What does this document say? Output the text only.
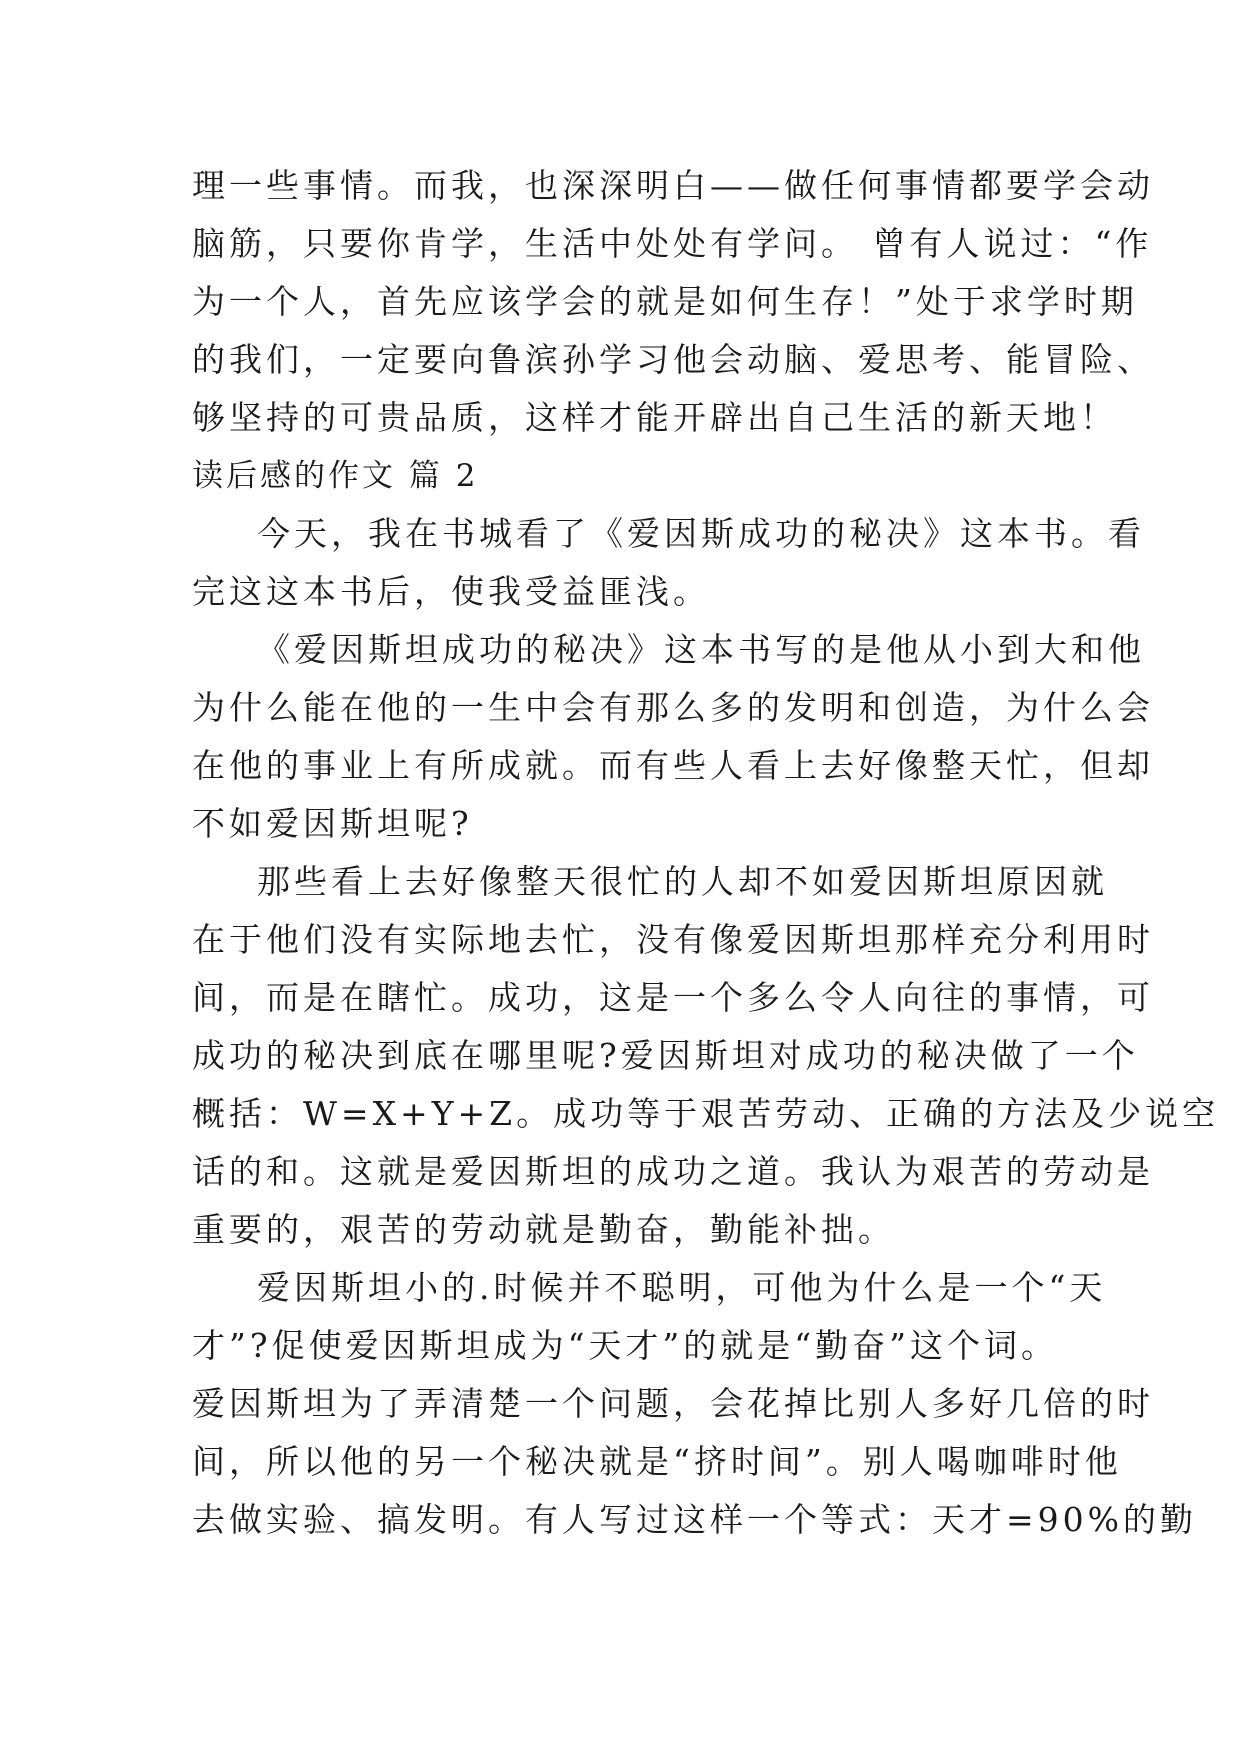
理一些事情。而我，也深深明白——做任何事情都要学会动
脑筋，只要你肯学，生活中处处有学问。 曾有人说过：“作
为一个人，首先应该学会的就是如何生存！”处于求学时期
的我们，一定要向鲁滨孙学习他会动脑、爱思考、能冒险、
够坚持的可贵品质，这样才能开辟出自己生活的新天地！
读后感的作文 篇 2
今天，我在书城看了《爱因斯成功的秘决》这本书。看
完这这本书后，使我受益匪浅。
《爱因斯坦成功的秘决》这本书写的是他从小到大和他
为什么能在他的一生中会有那么多的发明和创造，为什么会
在他的事业上有所成就。而有些人看上去好像整天忙，但却
不如爱因斯坦呢?
那些看上去好像整天很忙的人却不如爱因斯坦原因就
在于他们没有实际地去忙，没有像爱因斯坦那样充分利用时
间，而是在瞎忙。成功，这是一个多么令人向往的事情，可
成功的秘决到底在哪里呢?爱因斯坦对成功的秘决做了一个
概括：W=X+Y+Z。成功等于艰苦劳动、正确的方法及少说空
话的和。这就是爱因斯坦的成功之道。我认为艰苦的劳动是
重要的，艰苦的劳动就是勤奋，勤能补拙。
爱因斯坦小的.时候并不聪明，可他为什么是一个“天
才”?促使爱因斯坦成为“天才”的就是“勤奋”这个词。
爱因斯坦为了弄清楚一个问题，会花掉比别人多好几倍的时
间，所以他的另一个秘决就是“挤时间”。别人喝咖啡时他
去做实验、搞发明。有人写过这样一个等式：天才=90%的勤
